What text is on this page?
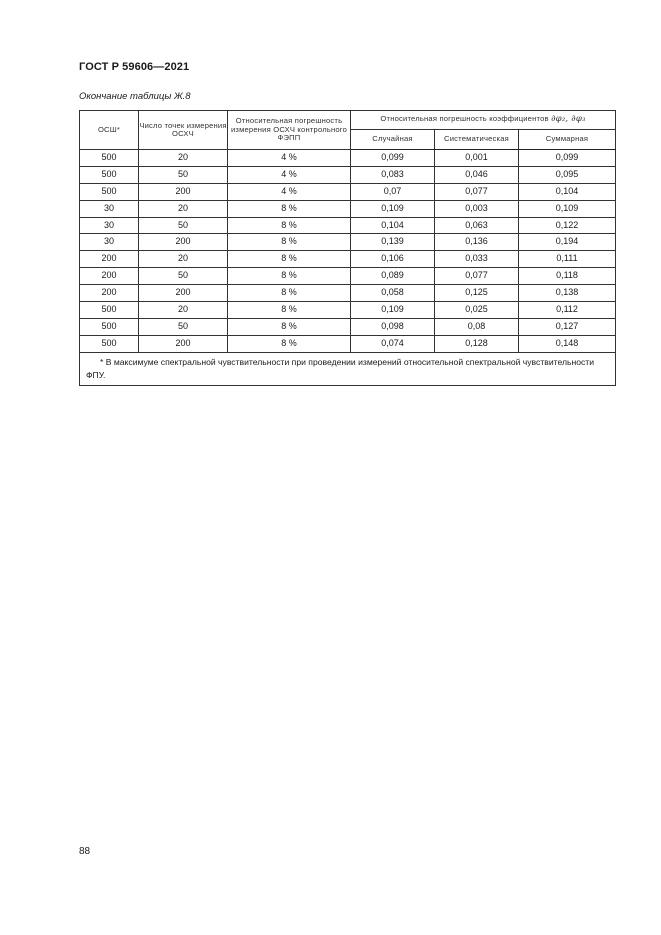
ГОСТ Р 59606—2021
Окончание таблицы Ж.8
ОСШ*	Число точек измерения ОСХЧ	Относительная погрешность измерения ОСХЧ контрольного ФЭПП	Относительная погрешность коэффициентов ∂φ₂, ∂φ₃		
			Случайная	Систематическая	Суммарная
500	20	4 %	0,099	0,001	0,099
500	50	4 %	0,083	0,046	0,095
500	200	4 %	0,07	0,077	0,104
30	20	8 %	0,109	0,003	0,109
30	50	8 %	0,104	0,063	0,122
30	200	8 %	0,139	0,136	0,194
200	20	8 %	0,106	0,033	0,111
200	50	8 %	0,089	0,077	0,118
200	200	8 %	0,058	0,125	0,138
500	20	8 %	0,109	0,025	0,112
500	50	8 %	0,098	0,08	0,127
500	200	8 %	0,074	0,128	0,148
* В максимуме спектральной чувствительности при проведении измерений относительной спектральной чувствительности ФПУ.					
88
